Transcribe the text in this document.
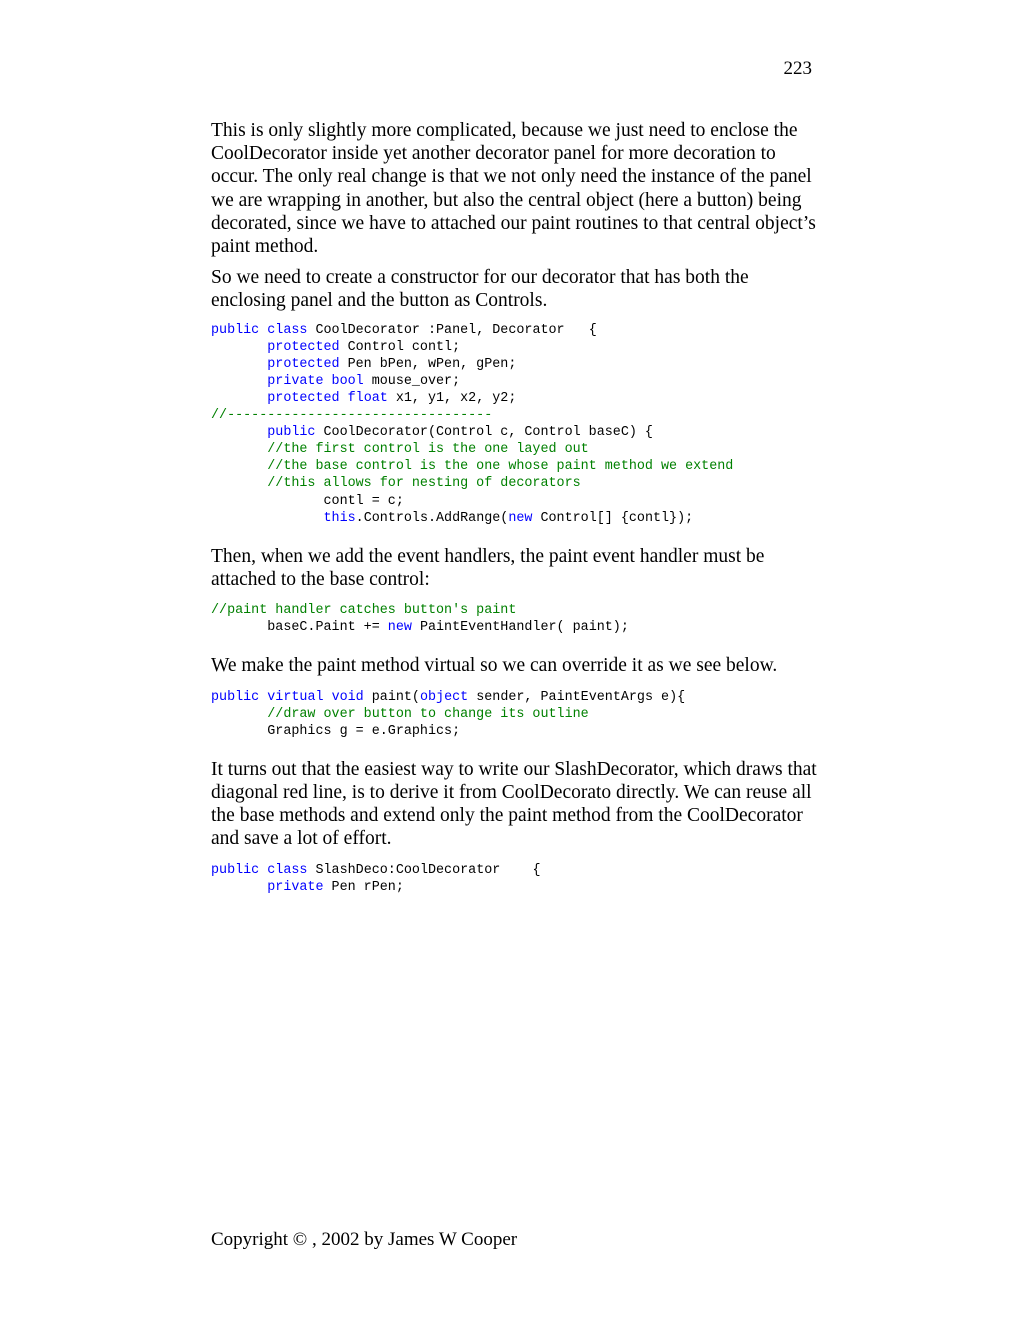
223

This is only slightly more complicated, because we just need to enclose the CoolDecorator inside yet another decorator panel for more decoration to occur. The only real change is that we not only need the instance of the panel we are wrapping in another, but also the central object (here a button) being decorated, since we have to attached our paint routines to that central object’s paint method.

So we need to create a constructor for our decorator that has both the enclosing panel and the button as Controls.

public class CoolDecorator :Panel, Decorator   {
protected Control contl;
protected Pen bPen, wPen, gPen;
private bool mouse_over;
protected float x1, y1, x2, y2;
//---------------------------------
public CoolDecorator(Control c, Control baseC) {
//the first control is the one layed out
//the base control is the one whose paint method we extend
//this allows for nesting of decorators
contl = c;
this.Controls.AddRange(new Control[] {contl});

Then, when we add the event handlers, the paint event handler must be attached to the base control:

//paint handler catches button's paint
baseC.Paint += new PaintEventHandler( paint);

We make the paint method virtual so we can override it as we see below.

public virtual void paint(object sender, PaintEventArgs e){
//draw over button to change its outline
Graphics g = e.Graphics;

It turns out that the easiest way to write our SlashDecorator, which draws that diagonal red line, is to derive it from CoolDecorato directly. We can reuse all the base methods and extend only the paint method from the CoolDecorator and save a lot of effort.

public class SlashDeco:CoolDecorator    {
private Pen rPen;
Copyright © , 2002 by James W Cooper
